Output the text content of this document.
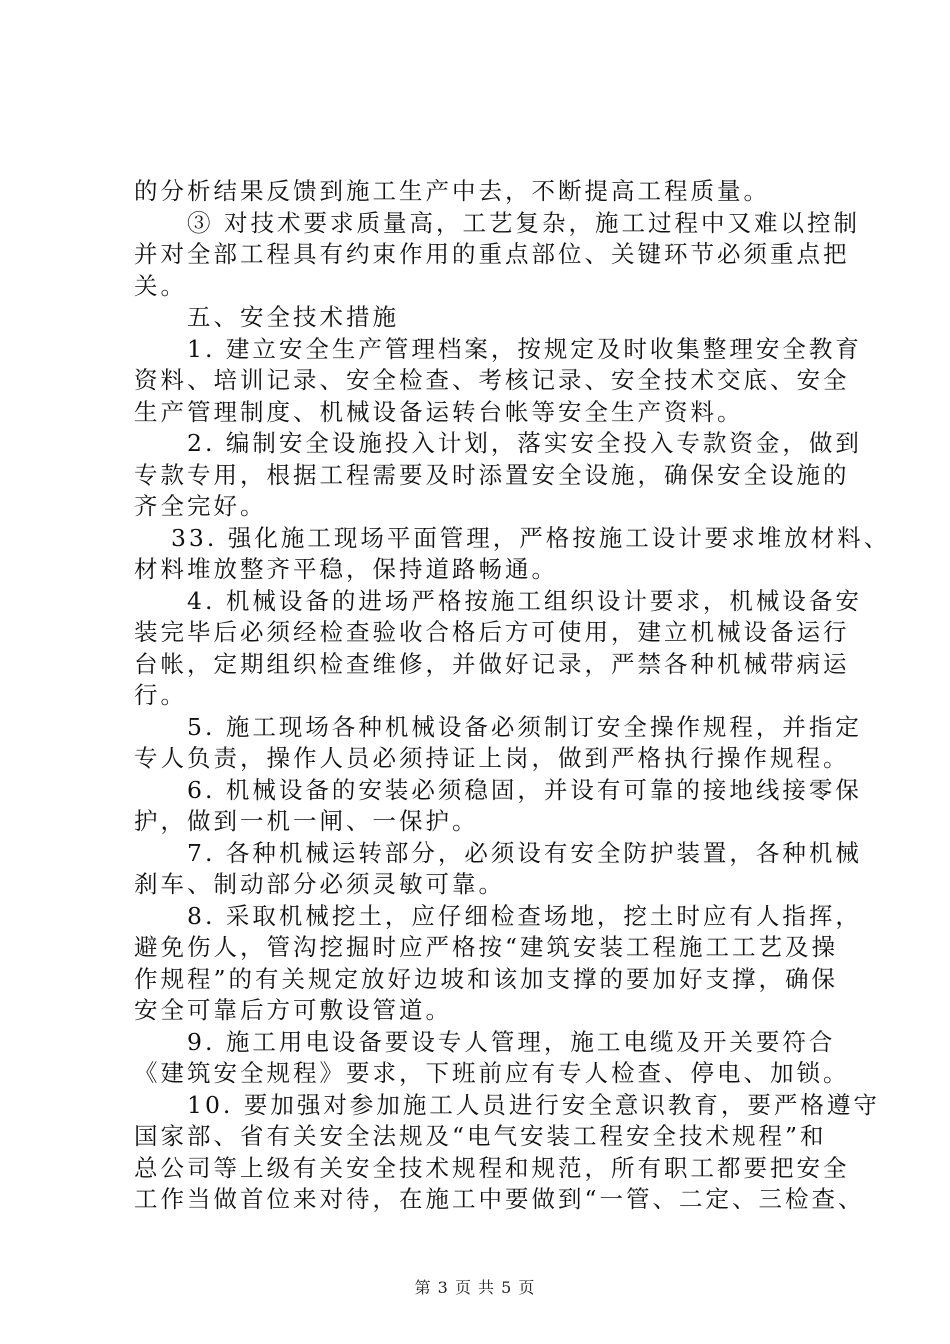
的分析结果反馈到施工生产中去，不断提高工程质量。
　　③ 对技术要求质量高，工艺复杂，施工过程中又难以控制
并对全部工程具有约束作用的重点部位、关键环节必须重点把
关。
　　五、安全技术措施
　　1. 建立安全生产管理档案，按规定及时收集整理安全教育
资料、培训记录、安全检查、考核记录、安全技术交底、安全
生产管理制度、机械设备运转台帐等安全生产资料。
　　2. 编制安全设施投入计划，落实安全投入专款资金，做到
专款专用，根据工程需要及时添置安全设施，确保安全设施的
齐全完好。
　 33. 强化施工现场平面管理，严格按施工设计要求堆放材料、
材料堆放整齐平稳，保持道路畅通。
　　4. 机械设备的进场严格按施工组织设计要求，机械设备安
装完毕后必须经检查验收合格后方可使用，建立机械设备运行
台帐，定期组织检查维修，并做好记录，严禁各种机械带病运
行。
　　5. 施工现场各种机械设备必须制订安全操作规程，并指定
专人负责，操作人员必须持证上岗，做到严格执行操作规程。
　　6. 机械设备的安装必须稳固，并设有可靠的接地线接零保
护，做到一机一闸、一保护。
　　7. 各种机械运转部分，必须设有安全防护装置，各种机械
刹车、制动部分必须灵敏可靠。
　　8. 采取机械挖土，应仔细检查场地，挖土时应有人指挥，
避免伤人，管沟挖掘时应严格按“建筑安装工程施工工艺及操
作规程”的有关规定放好边坡和该加支撑的要加好支撑，确保
安全可靠后方可敷设管道。
　　9. 施工用电设备要设专人管理，施工电缆及开关要符合
《建筑安全规程》要求，下班前应有专人检查、停电、加锁。
　　10. 要加强对参加施工人员进行安全意识教育，要严格遵守
国家部、省有关安全法规及“电气安装工程安全技术规程”和
总公司等上级有关安全技术规程和规范，所有职工都要把安全
工作当做首位来对待，在施工中要做到“一管、二定、三检查、
第 3 页 共 5 页
